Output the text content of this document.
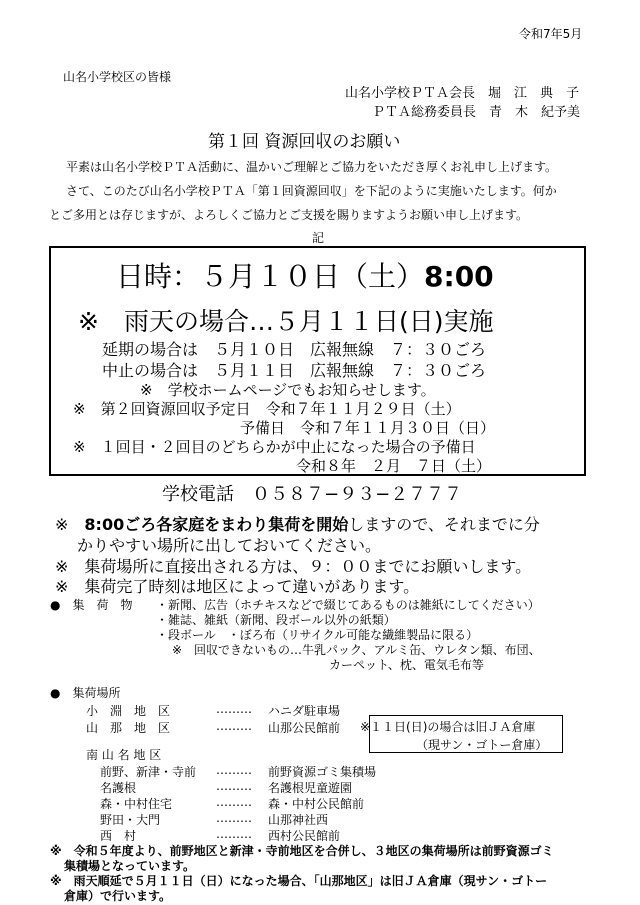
令和7年5月
山名小学校区の皆様
山名小学校ＰＴＡ会長　堀　江　典　子
ＰＴＡ総務委員長　青　木　紀予美
第１回 資源回収のお願い
平素は山名小学校ＰＴＡ活動に、温かいご理解とご協力をいただき厚くお礼申し上げます。
さて、このたび山名小学校ＰＴＡ「第１回資源回収」を下記のように実施いたします。何か
とご多用とは存じますが、よろしくご協力とご支援を賜りますようお願い申し上げます。
記
日時：５月１０日（土）8:00
※　雨天の場合…５月１１日(日)実施
延期の場合は　５月１０日　広報無線　７：３０ごろ
中止の場合は　５月１１日　広報無線　７：３０ごろ
※　学校ホームページでもお知らせします。
※　第２回資源回収予定日　令和７年１１月２９日（土）
予備日　令和７年１１月３０日（日）
※　１回目・２回目のどちらかが中止になった場合の予備日
令和８年　２月　７日（土）
学校電話　０５８７−９３−２７７７
※　8:00ごろ各家庭をまわり集荷を開始しますので、それまでに分
かりやすい場所に出しておいてください。
※　集荷場所に直接出される方は、９：００までにお願いします。
※　集荷完了時刻は地区によって違いがあります。
●　集　荷　物 ・新聞、広告（ホチキスなどで綴じてあるものは雑紙にしてください）
・雑誌、雑紙（新聞、段ボール以外の紙類）
・段ボール　・ぼろ布（リサイクル可能な繊維製品に限る）
※　回収できないもの…牛乳パック、アルミ缶、ウレタン類、布団、
カーペット、枕、電気毛布等
●　集荷場所
小　淵　地　区	……… ハニダ駐車場
山　那　地　区	……… 山那公民館前 ※１１日(日)の場合は旧ＪＡ倉庫
（現サン・ゴトー倉庫）
南 山 名 地 区
前野、新津・寺前 ……… 前野資源ゴミ集積場
名護根	……… 名護根児童遊園
森・中村住宅	……… 森・中村公民館前
野田・大門	……… 山那神社西
西　村	……… 西村公民館前
※　令和５年度より、前野地区と新津・寺前地区を合併し、３地区の集荷場所は前野資源ゴミ
集積場となっています。
※　雨天順延で５月１１日（日）になった場合、「山那地区」は旧ＪＡ倉庫（現サン・ゴトー
倉庫）で行います。
